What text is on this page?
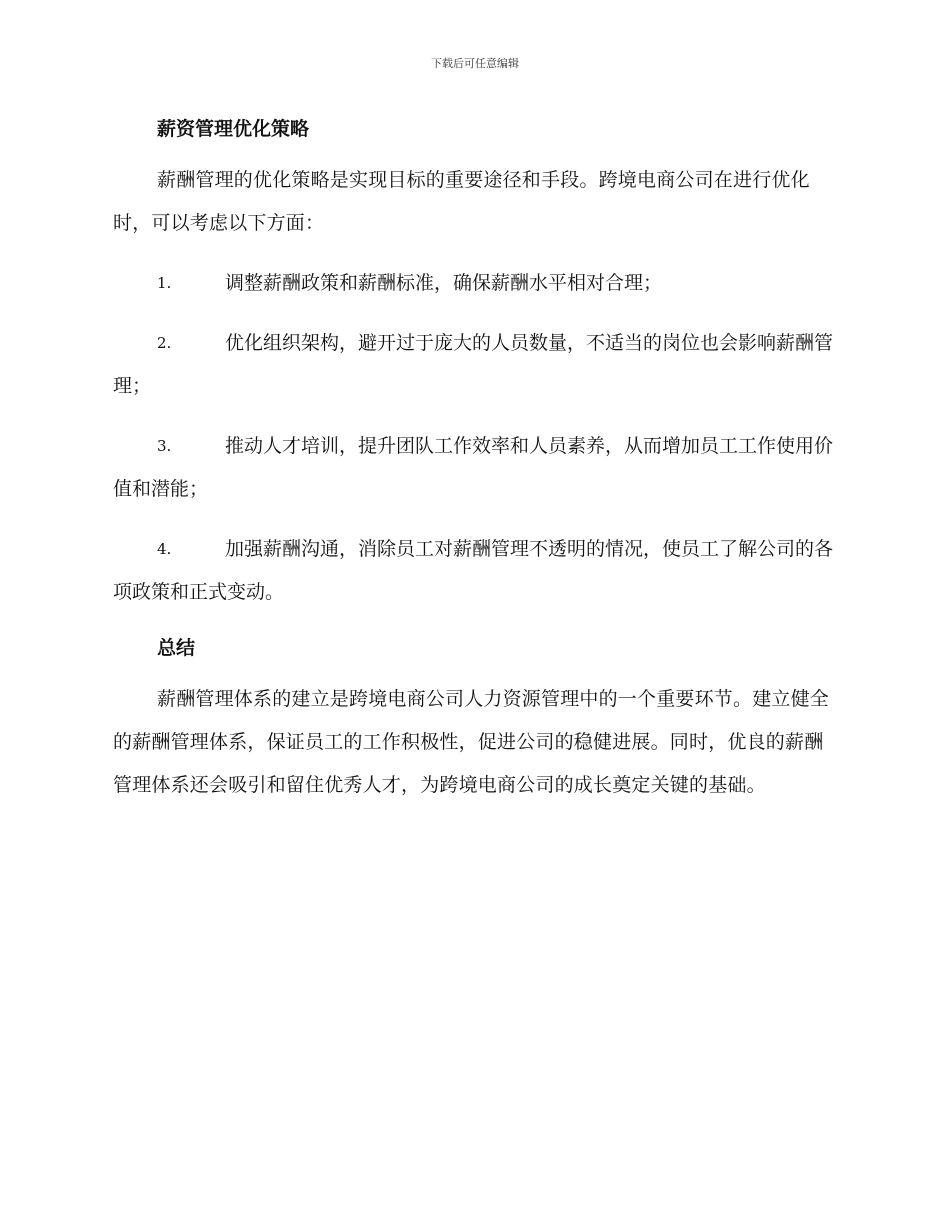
下载后可任意编辑
薪资管理优化策略

薪酬管理的优化策略是实现目标的重要途径和手段。跨境电商公司在进行优化时，可以考虑以下方面：

1.	调整薪酬政策和薪酬标准，确保薪酬水平相对合理；
2.	优化组织架构，避开过于庞大的人员数量，不适当的岗位也会影响薪酬管理；
3.	推动人才培训，提升团队工作效率和人员素养，从而增加员工工作使用价值和潜能；
4.	加强薪酬沟通，消除员工对薪酬管理不透明的情况，使员工了解公司的各项政策和正式变动。
总结

薪酬管理体系的建立是跨境电商公司人力资源管理中的一个重要环节。建立健全的薪酬管理体系，保证员工的工作积极性，促进公司的稳健进展。同时，优良的薪酬管理体系还会吸引和留住优秀人才，为跨境电商公司的成长奠定关键的基础。
